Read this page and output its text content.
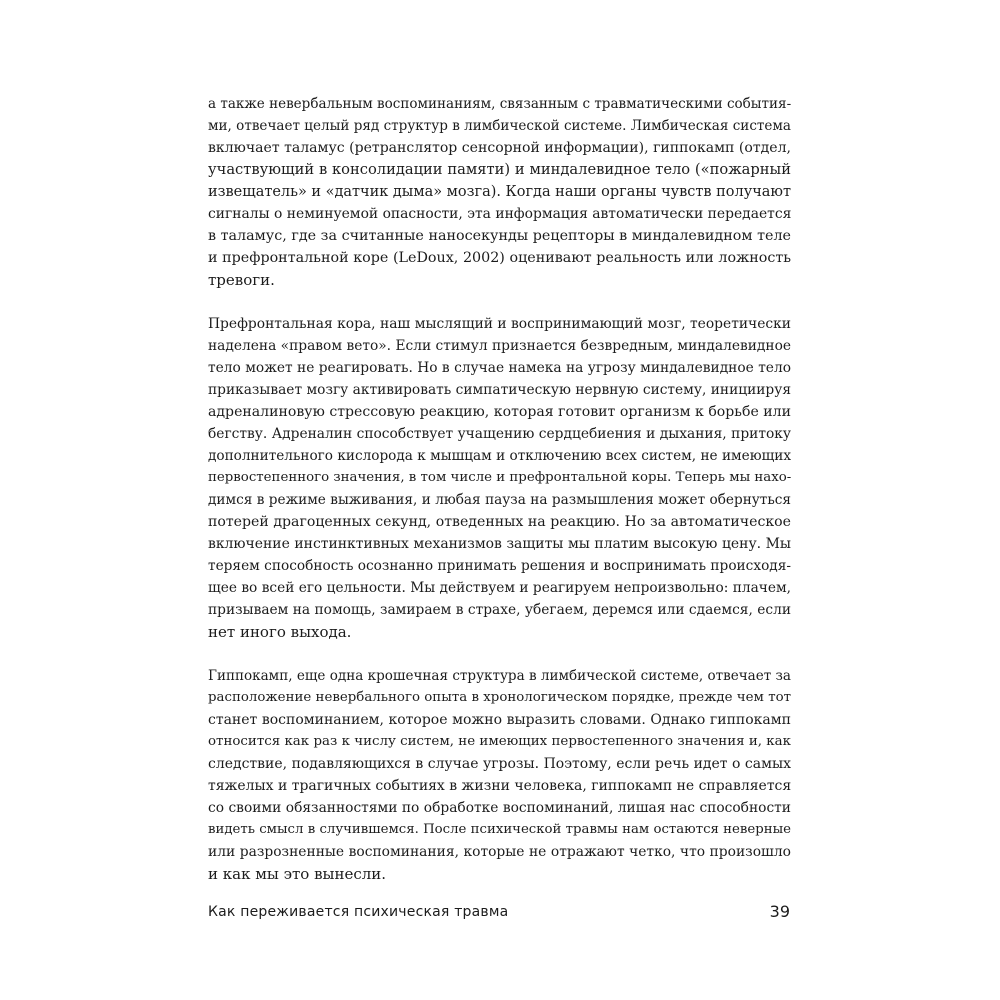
а также невербальным воспоминаниям, связанным с травматическими события-
ми, отвечает целый ряд структур в лимбической системе. Лимбическая система
включает таламус (ретранслятор сенсорной информации), гиппокамп (отдел,
участвующий в консолидации памяти) и миндалевидное тело («пожарный
извещатель» и «датчик дыма» мозга). Когда наши органы чувств получают
сигналы о неминуемой опасности, эта информация автоматически передается
в таламус, где за считанные наносекунды рецепторы в миндалевидном теле
и префронтальной коре (LeDoux, 2002) оценивают реальность или ложность
тревоги.
Префронтальная кора, наш мыслящий и воспринимающий мозг, теоретически
наделена «правом вето». Если стимул признается безвредным, миндалевидное
тело может не реагировать. Но в случае намека на угрозу миндалевидное тело
приказывает мозгу активировать симпатическую нервную систему, инициируя
адреналиновую стрессовую реакцию, которая готовит организм к борьбе или
бегству. Адреналин способствует учащению сердцебиения и дыхания, притоку
дополнительного кислорода к мышцам и отключению всех систем, не имеющих
первостепенного значения, в том числе и префронтальной коры. Теперь мы нахо-
димся в режиме выживания, и любая пауза на размышления может обернуться
потерей драгоценных секунд, отведенных на реакцию. Но за автоматическое
включение инстинктивных механизмов защиты мы платим высокую цену. Мы
теряем способность осознанно принимать решения и воспринимать происходя-
щее во всей его цельности. Мы действуем и реагируем непроизвольно: плачем,
призываем на помощь, замираем в страхе, убегаем, деремся или сдаемся, если
нет иного выхода.
Гиппокамп, еще одна крошечная структура в лимбической системе, отвечает за
расположение невербального опыта в хронологическом порядке, прежде чем тот
станет воспоминанием, которое можно выразить словами. Однако гиппокамп
относится как раз к числу систем, не имеющих первостепенного значения и, как
следствие, подавляющихся в случае угрозы. Поэтому, если речь идет о самых
тяжелых и трагичных событиях в жизни человека, гиппокамп не справляется
со своими обязанностями по обработке воспоминаний, лишая нас способности
видеть смысл в случившемся. После психической травмы нам остаются неверные
или разрозненные воспоминания, которые не отражают четко, что произошло
и как мы это вынесли.
Как переживается психическая травма	39
